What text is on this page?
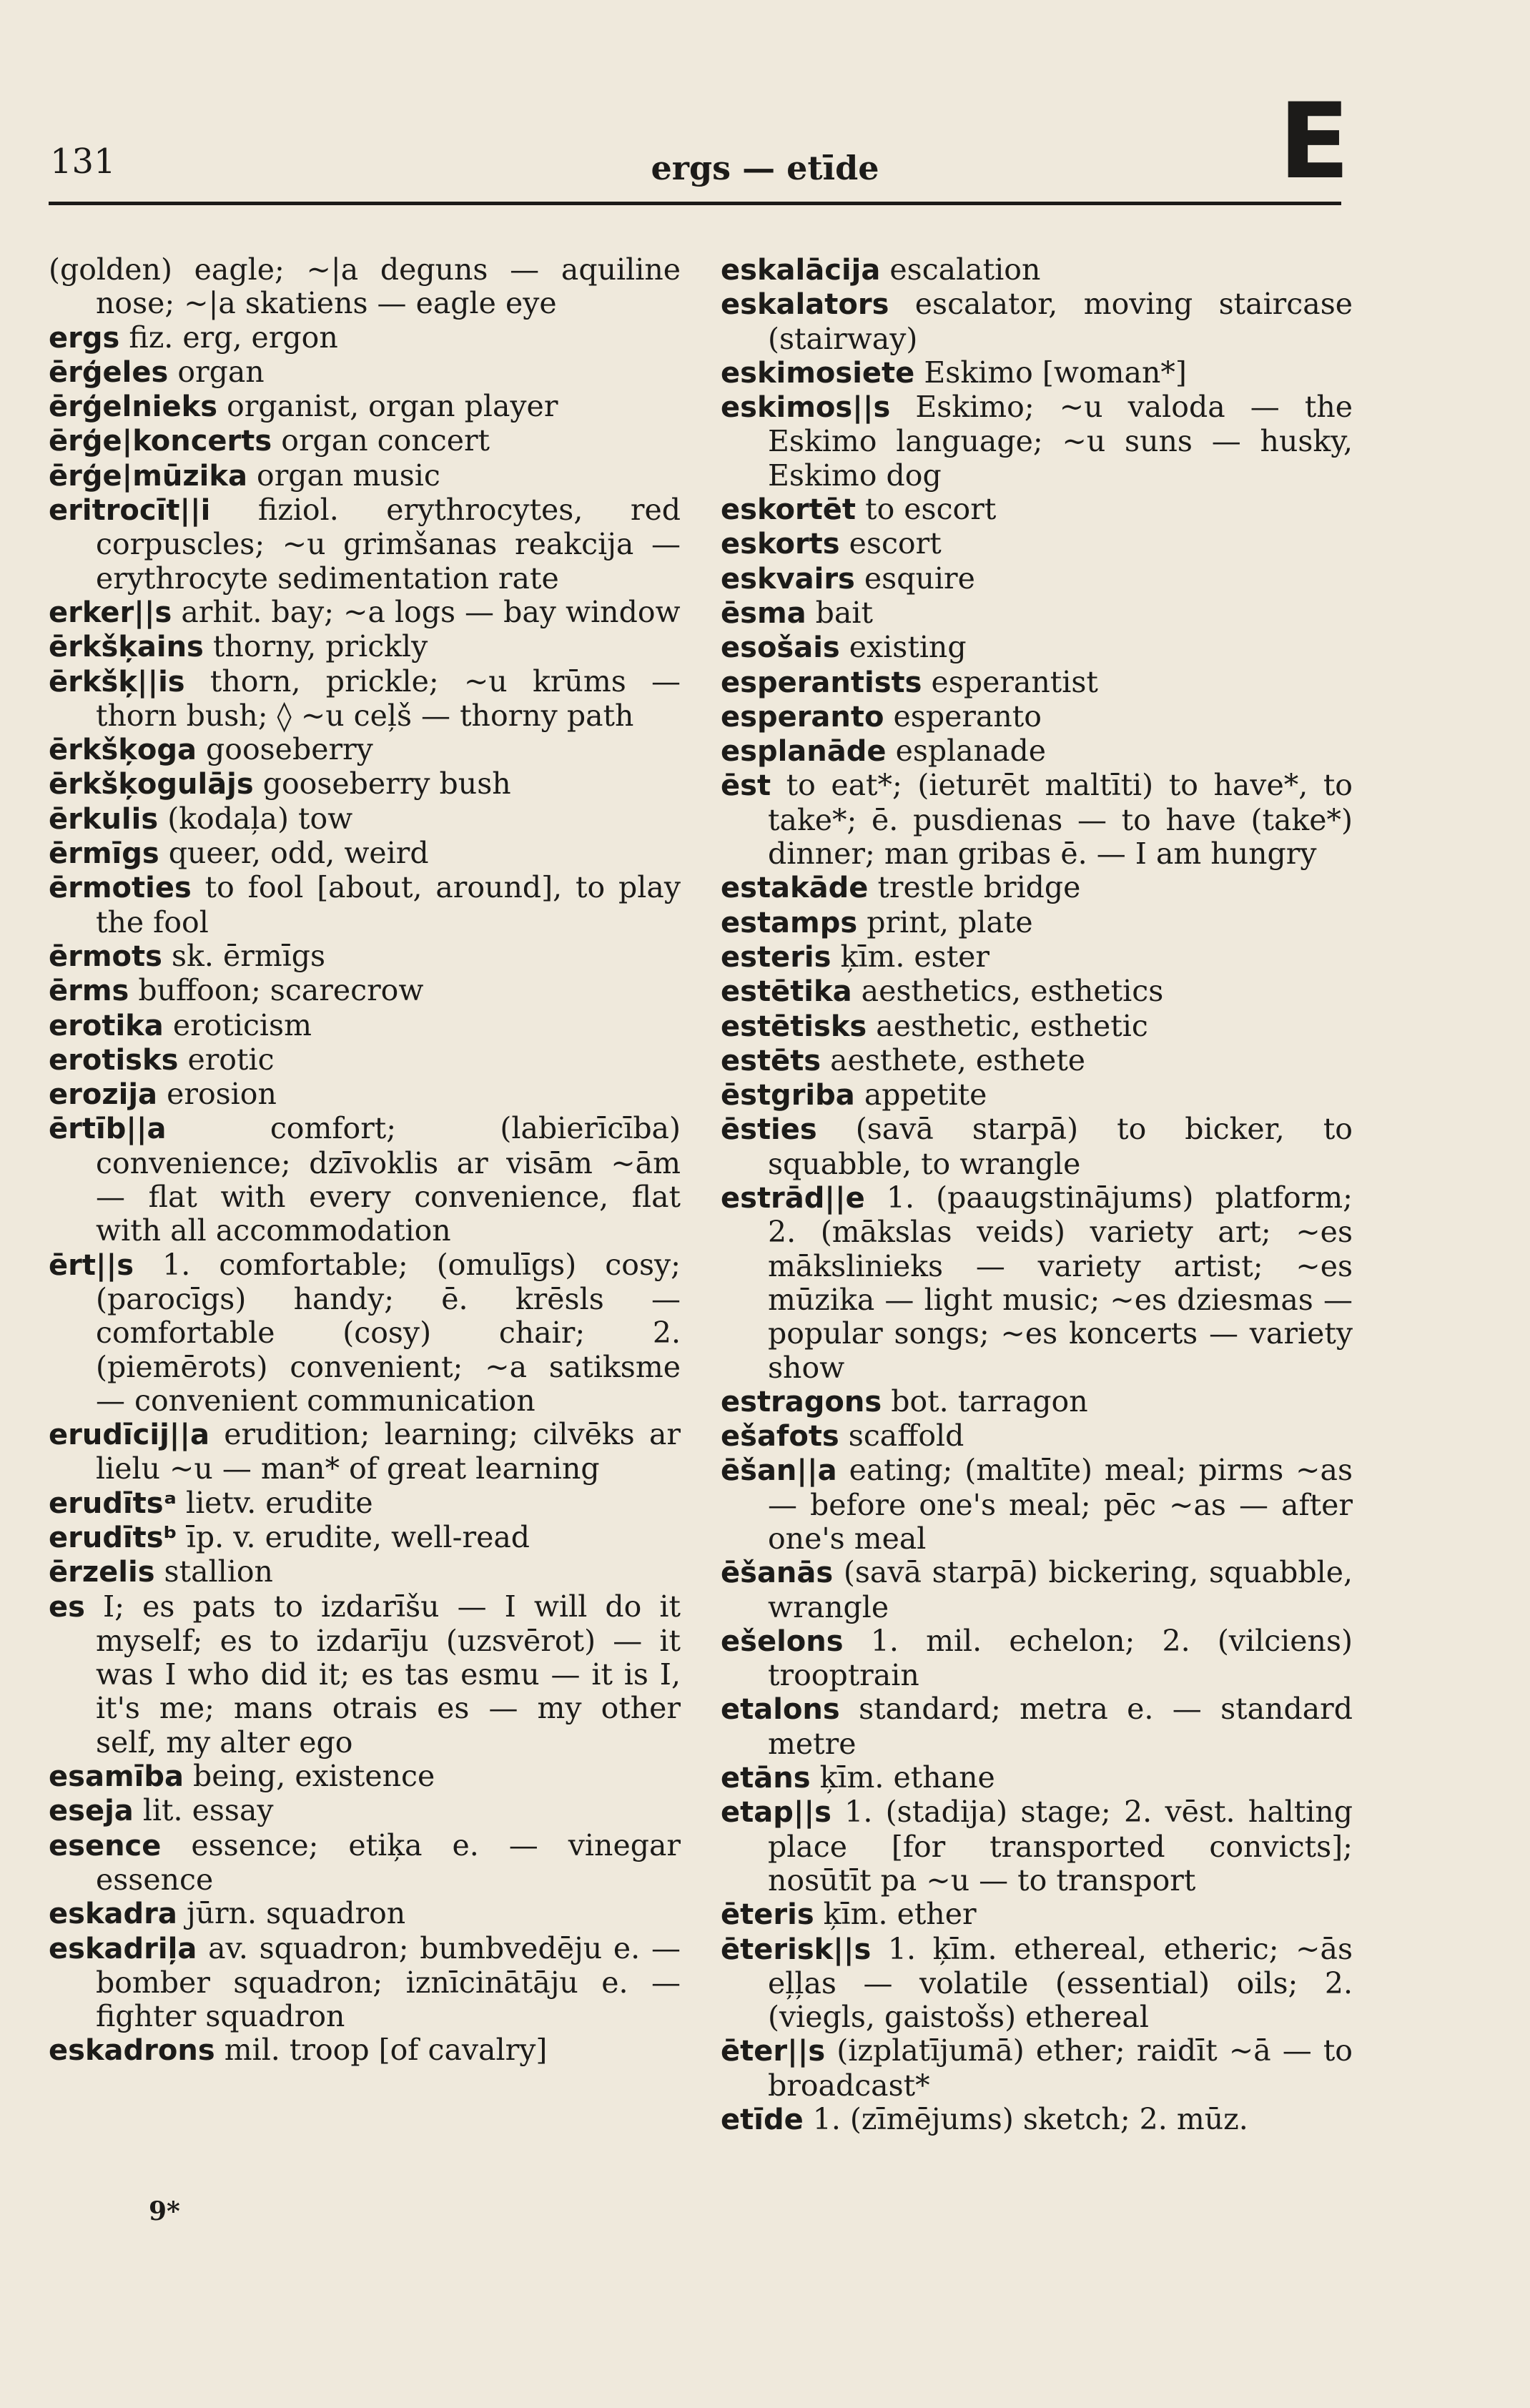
131	ergs — etīde	E
(golden) eagle; ~|a deguns — aquiline nose; ~|a skatiens — eagle eye
ergs fiz. erg, ergon
ērģeles organ
ērģelnieks organist, organ player
ērģe|koncerts organ concert
ērģe|mūzika organ music
eritrocīt||i fiziol. erythrocytes, red corpuscles; ~u grimšanas reakcija — erythrocyte sedimentation rate
erker||s arhit. bay; ~a logs — bay window
ērkšķains thorny, prickly
ērkšķ||is thorn, prickle; ~u krūms — thorn bush; ◊ ~u ceļš — thorny path
ērkšķoga gooseberry
ērkšķogulājs gooseberry bush
ērkulis (kodaļa) tow
ērmīgs queer, odd, weird
ērmoties to fool [about, around], to play the fool
ērmots sk. ērmīgs
ērms buffoon; scarecrow
erotika eroticism
erotisks erotic
erozija erosion
ērtīb||a	comfort; (labierīcība) convenience; dzīvoklis ar visām ~ām — flat with every convenience, flat with all accommodation
ērt||s 1. comfortable; (omulīgs) cosy; (parocīgs) handy; ē. krēsls — comfortable (cosy) chair; 2. (piemērots) convenient; ~a satiksme — convenient communication
erudīcij||a erudition; learning; cilvēks ar lielu ~u — man* of great learning
erudītsᵃ lietv. erudite
erudītsᵇ īp. v. erudite, well-read
ērzelis stallion
es I; es pats to izdarīšu — I will do it myself; es to izdarīju (uzsvērot) — it was I who did it; es tas esmu — it is I, it's me; mans otrais es — my other self, my alter ego
esamība being, existence
eseja lit. essay
esence essence; etiķa e. — vinegar essence
eskadra jūrn. squadron
eskadriļa av. squadron; bumbvedēju e. — bomber squadron; iznīcinātāju e. — fighter squadron
eskadrons mil. troop [of cavalry]
eskalācija escalation
eskalators escalator, moving staircase (stairway)
eskimosiete Eskimo [woman*]
eskimos||s Eskimo; ~u valoda — the Eskimo language; ~u suns — husky, Eskimo dog
eskortēt to escort
eskorts escort
eskvairs esquire
ēsma bait
esošais existing
esperantists esperantist
esperanto esperanto
esplanāde esplanade
ēst to eat*; (ieturēt maltīti) to have*, to take*; ē. pusdienas — to have (take*) dinner; man gribas ē. — I am hungry
estakāde trestle bridge
estamps print, plate
esteris ķīm. ester
estētika aesthetics, esthetics
estētisks aesthetic, esthetic
estēts aesthete, esthete
ēstgriba appetite
ēsties (savā starpā) to bicker, to squabble, to wrangle
estrād||e 1. (paaugstinājums) platform; 2. (mākslas veids) variety art; ~es mākslinieks — variety artist; ~es mūzika — light music; ~es dziesmas — popular songs; ~es koncerts — variety show
estragons bot. tarragon
ešafots scaffold
ēšan||a eating; (maltīte) meal; pirms ~as — before one's meal; pēc ~as — after one's meal
ēšanās (savā starpā) bickering, squabble, wrangle
ešelons 1. mil. echelon; 2. (vilciens) trooptrain
etalons standard; metra e. — standard metre
etāns ķīm. ethane
etap||s 1. (stadija) stage; 2. vēst. halting place [for transported convicts]; nosūtīt pa ~u — to transport
ēteris ķīm. ether
ēterisk||s 1. ķīm. ethereal, etheric; ~ās eļļas — volatile (essential) oils; 2. (viegls, gaistošs) ethereal
ēter||s (izplatījumā) ether; raidīt ~ā — to broadcast*
etīde 1. (zīmējums) sketch; 2. mūz.
9*
